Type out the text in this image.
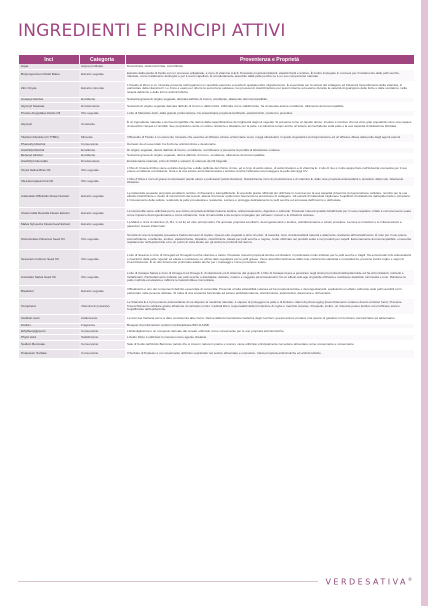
INGREDIENTI E PRINCIPI ATTIVI
Inci	Categoria	Provenienza e Proprietà
Aqua	Acqua purificata	Deionizzata, elettroionizzata, microfiltrata.
Butyrospermum Parkii Butter	Estratto vegetale	Estratto dalla pianta di Karitè con un processo artigianale, è ricco di vitamine A-E-F. Possiede proprietà idratanti, elasticizzanti e lenitive. È inoltre impiegato in cosmesi per il trattamento delle pelli secche, rilassate, come trattamento antirughe e per il cuoio capelluto. È completamente assorbito dalla pelle perché ne è un suo componente naturale.
Zinc Oxyde	Estratto minerale	L'Ossido di Zinco è un minerale presente nell'organismo in quantità superiore a quella di qualsiasi altro oligoelemento. È essenziale per la sintesi del collagene ed influenza l'assorbimento della vitamina, in particolare della vitamina D. Lo zinco è usato per ridurre la secrezione sebacea, nei processi di cicatrizzazione per lesioni interne ed esterne durante la velocità di guarigione delle ferite e delle scottature, nella terapia dell'acne e delle forme antimicrobiche.
Cetearyl Alcohol	Emolliente	Sostanza grassa di origine vegetale, derivata dall'olio di Cocco, emolliente, altamente dermocompatibile.
Glyceryl Stearate	Emulsionante	Sostanza di origine vegetale derivata dall'olio di Cocco e dalla Colza. Utilizzata come stabilizzante, ha un'elevata azione emolliente. Altamente dermocompatibile.
Prunus Amygdalus Dulcis Oil	Olio vegetale	L'olio di Mandorle dolci, dalla grande profumazione, ha straordinarie proprietà lenificanti, elasticizzanti, nutrienti e protettive.
Glycerin	Umettante	È un ingrediente naturale e dermocompatibile che deriva dalla saponificazione dei trigliceridi degli oli vegetali. Si presenta come un liquido denso, inodore e incolore che ha vinto gran popolarità come una capace di assorbire l'acqua e l'umidità. Sue proprietà le rende un ottimo nutriente e idratante per la pelle. La Glicerina tempo anche un'azione ammorbidente sulla pelle e la sua capacità di idratazione illimitata.
Titanium Dioxide (CI 77891)	Minerale	Il Biossido di Titanio è un elemento minerale che esercita un'efficace azione schermante verso i raggi ultravioletti, in grado di garantire la fotoprotezione ed un'efficace difesa della pelle dagli agenti esterni.
Phenethyl Alcohol	Conservante	Derivato da oli essenziali, ha funzione antimicrobica e deodorante.
Arachidyl Alcohol	Emolliente	Di origine vegetale, deriva dall'olio di Cocco, emolliente, contribuisce a prevenire la perdita di idratazione cutanea.
Behenyl Alcohol	Emolliente	Sostanza grassa di origine vegetale, deriva dall'olio di Cocco, emolliente, altamente dermocompatibile.
Arachidyl Glucoside	Emulsionante	Emulsionante naturale, privo di OGM e solventi. È ottenuto da Oli Vegetali.
Oryza Sativa Bran Oil	Olio vegetale	L'Olio di Crusca di Riso viene estratto dal germe e dalle pellicole del chicco di riso, ed è ricco di acido oleico, di acido linoleico e di vitamina E. L'olio di riso è molto apprezzato nell'industria cosmetica per il suo potere emolliente ed idratante. Nota è la sua azione anti-infiammatoria e lenitiva nonché l'efficacia nel proteggere la pelle dai raggi UV.
Olea Europaea Fruit Oil	Olio vegetale	L'Olio d'Oliva è ricco di grassi monoinsaturi (acido oleico e polinsaturi (acido linoleico). Naturalmente ricco di provitamina A e di vitamina E, dalle note proprietà antiossidanti e protettive della cute. Altamente idratante.
Calendula Officinalis Flower Extract	Estratto vegetale	La Calendula possiede proprietà emollienti, lenitive, rinfrescanti e tranquillizzanti. È una delle piante officinali più utilizzate in cosmesi per la sua capacità di favorire la rigenerazione cellulare, nonché per la sua attività cicatrizzante e rivelto di microcircolo dei tessuti, allevia il turnover epidermico favorendo la produzione di collagene. Gli estratti di Calendula migliorano l'equilibrio di idratazione dell'epidermide e stimolano il rinnovamento delle cellule, rendendo la pelle più elastica e resistente. Lenisce e protegge delicatamente le pelli secche ed arrossate dell'inverno o dell'estate.
Chamomilla Recutita Flower Extract	Estratto vegetale	La Camomilla viene utilizzata per le sue ottime proprietà antinfiammatorie lenitive, antiarrossamento, digestive e calmanti. Possiede notevoli qualità rivitalizzanti per il cuoio capelluto. Infatti è comunemente usata come impacco decongestionante e come schiarente. Celo di camomilla è da sempre impiegato per calmare i rossori e le irritazioni cutanee.
Malva Sylvestris Flower/Leaf Extract	Estratto vegetale	La Malva è ricca di vitamine (A, B1, C ed E) ed oltre principi attivi. Ha spiccate proprietà emollienti, decongestionanti e lenitive, antinfiammatorie e azioni protettive. Lenisce le irritazioni e le infiammazioni a garanzia i tessuti infiammati.
Simmondsia Chinensis Seed Oil	Olio vegetale	Si tratta di una cera liquida pressata a freddo dai semi di Jojoba. Questo olio vegetale è privo di odori, di tossicità, ricco di antiossidanti naturali e altamente resistente all'irrancidimento. È noto per il suo potere ammorbidente, emolliente, lenitivo, elasticizzante, idratante, cicatrizzante. Ideale per pelli secche e rugose, molto utilizzato nei prodotti solari e nei prodotti per capelli. Estremamente dermocompatibile, si assorbe rapidamente nell'epidermide ed è un punto di vista ideale per gli strati più profondi del derma.
Sesamum Indicum Seed Oil	Olio vegetale	L'olio di Sesamo è ricco di Omega3 ed Omega6 nonché vitamine e calcio. Possiede notevoli proprietà lenitive ed idratanti, in particolare molto indicato per le pelli secche e fragili. Ha eccezionali virtù antiossidanti e riparatrici della pelle 'sgretta' ed elasta e costituisce un ottimo latte regolatore per le pelli grasse. Viene assorbito facilmente dalla cute conferendo elasticità e compattezza, previene inoltre rughe e segni di invecchiamento. È un olio fortemente profumato adatto anche per i massaggi e come protezione solare.
Cannabis Sativa Seed Oil	Olio vegetale	L'olio di Canapa Sativa è ricco di Omega-3 ed Omega-6, di vitamina E ed di vitamine del gruppo B. L'Olio di Canapa riesce a penetrare negli strati più profondi dell'epidermide ed ha virtù idratanti, nutrienti e rivitalizzanti. Particolarmente indicato per pelli secche o disidratate, delicate, mature e soggette ad arrossamenti; ha un effetto anti-age di grande efficacia e restituisce elasticità, luminosità e tono. Mantiene la pelle morbida ed elastica e rafforza le naturali difese immunitarie.
Bisabolol	Estratto vegetale	Il Bisabololo è uno dei componenti dell'olio essenziale di camomilla. Presenta un'alta tollerabilità cutanea ed ha proprietà lenitive e decongestionanti, esplicando un effetto calmante sulle pelli sensibili ed in particolare nelle persone delicate. Si tratta di una sostanza funzionale ad azione antinfiammatoria, antimicrobica, antimicotica, disarrossa e rinfrescante.
Tocopherol	Vitamina E (naturale)	La Vitamina E è il più potente antiossidante di cui dispone la medicina naturale, è capace di proteggere la pelle e di limitare i danni da photo-aging (invecchiamento cutaneo dovuto ai fattori fuori). Previene l'invecchiamento cellulare grazie all'azione di contrasto contro i radicali liberi, responsabili della formazione di rughe e macchie cutanee. Possiede, inoltre, un notevole potere lenitivo ed un'efficace azione l'equilibrante dell'epidermide.
Xanthan Gum	Addensante	La Gomma Xantana serve a dare consistenza alla crema. Deriva dalla fermentazione batterica degli zuccheri; questa azione produce una specie di gelatina con funzione viscosizzante ed addensante.
Parfum	Fragranza	Bouquet di profumazioni conformi al disciplinare BIO di AIAB.
Ethylhexylglycerin	Conservante	L'Etilesilglicerina è un composto derivato dai cereali, utilizzato come conservante per le sue proprietà antimicrobiche.
Phytic Acid	Stabilizzante	L'Acido Fitico è utilizzato in cosmesi come agente chelante.
Sodium Benzoate	Conservante	Sale di Sodio dell'Acido Benzoico (acido che si trova in natura in piante e resine), viene utilizzato principalmente nel settore alimentare come conservante e conservante.
Potassium Sorbate	Conservante	Il Sorbato di Potassio è un conservante utilizzato soprattutto nel settore alimentare e cosmetico. Vanta proprietà antimicotiche ed antimicrobiche.
VERDESATIVA®
